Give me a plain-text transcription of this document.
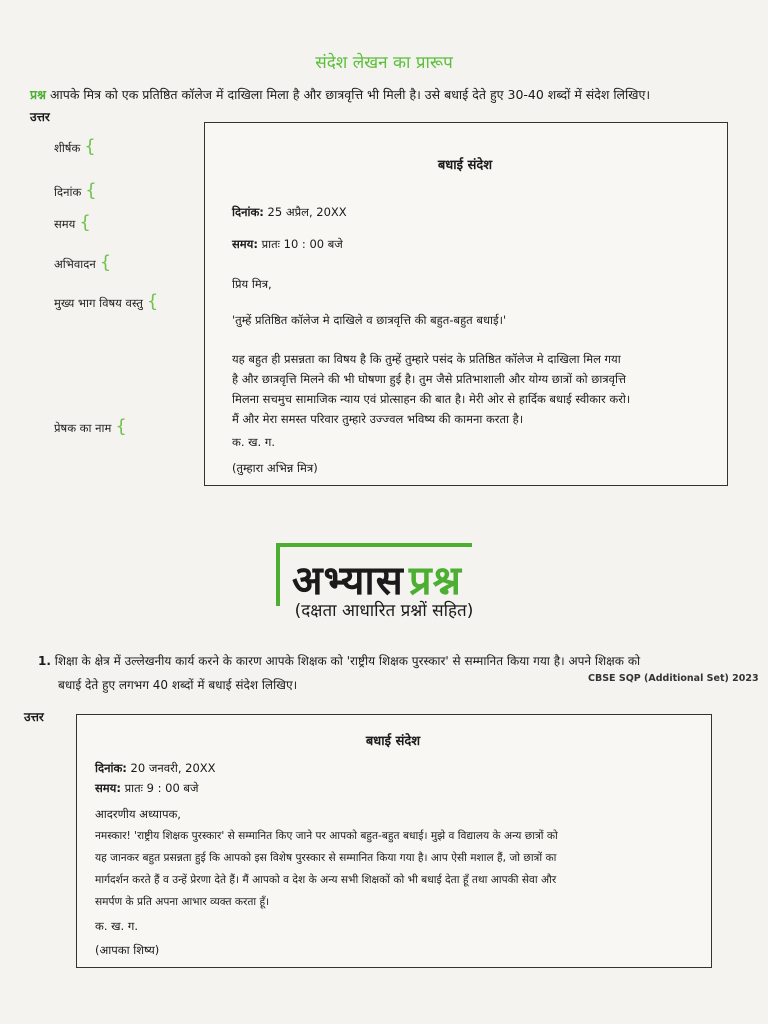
संदेश लेखन का प्रारूप
प्रश्न आपके मित्र को एक प्रतिष्ठित कॉलेज में दाखिला मिला है और छात्रवृत्ति भी मिली है। उसे बधाई देते हुए 30-40 शब्दों में संदेश लिखिए।
उत्तर
शीर्षक {
दिनांक {
समय {
अभिवादन {
मुख्य भाग विषय वस्तु {
प्रेषक का नाम {
बधाई संदेश
दिनांक: 25 अप्रैल, 20XX
समय: प्रातः 10 : 00 बजे
प्रिय मित्र,
'तुम्हें प्रतिष्ठित कॉलेज मे दाखिले व छात्रवृत्ति की बहुत-बहुत बधाई।'
यह बहुत ही प्रसन्नता का विषय है कि तुम्हें तुम्हारे पसंद के प्रतिष्ठित कॉलेज मे दाखिला मिल गया
है और छात्रवृत्ति मिलने की भी घोषणा हुई है। तुम जैसे प्रतिभाशाली और योग्य छात्रों को छात्रवृत्ति
मिलना सचमुच सामाजिक न्याय एवं प्रोत्साहन की बात है। मेरी ओर से हार्दिक बधाई स्वीकार करो।
मैं और मेरा समस्त परिवार तुम्हारे उज्ज्वल भविष्य की कामना करता है।
क. ख. ग.
(तुम्हारा अभिन्न मित्र)
अभ्यास प्रश्न
(दक्षता आधारित प्रश्नों सहित)
1. शिक्षा के क्षेत्र में उल्लेखनीय कार्य करने के कारण आपके शिक्षक को 'राष्ट्रीय शिक्षक पुरस्कार' से सम्मानित किया गया है। अपने शिक्षक को
बधाई देते हुए लगभग 40 शब्दों में बधाई संदेश लिखिए।	CBSE SQP (Additional Set) 2023
उत्तर
बधाई संदेश
दिनांक: 20 जनवरी, 20XX
समय: प्रातः 9 : 00 बजे
आदरणीय अध्यापक,
नमस्कार! 'राष्ट्रीय शिक्षक पुरस्कार' से सम्मानित किए जाने पर आपको बहुत-बहुत बधाई। मुझे व विद्यालय के अन्य छात्रों को
यह जानकर बहुत प्रसन्नता हुई कि आपको इस विशेष पुरस्कार से सम्मानित किया गया है। आप ऐसी मशाल हैं, जो छात्रों का
मार्गदर्शन करते हैं व उन्हें प्रेरणा देते हैं। मैं आपको व देश के अन्य सभी शिक्षकों को भी बधाई देता हूँ तथा आपकी सेवा और
समर्पण के प्रति अपना आभार व्यक्त करता हूँ।
क. ख. ग.
(आपका शिष्य)
